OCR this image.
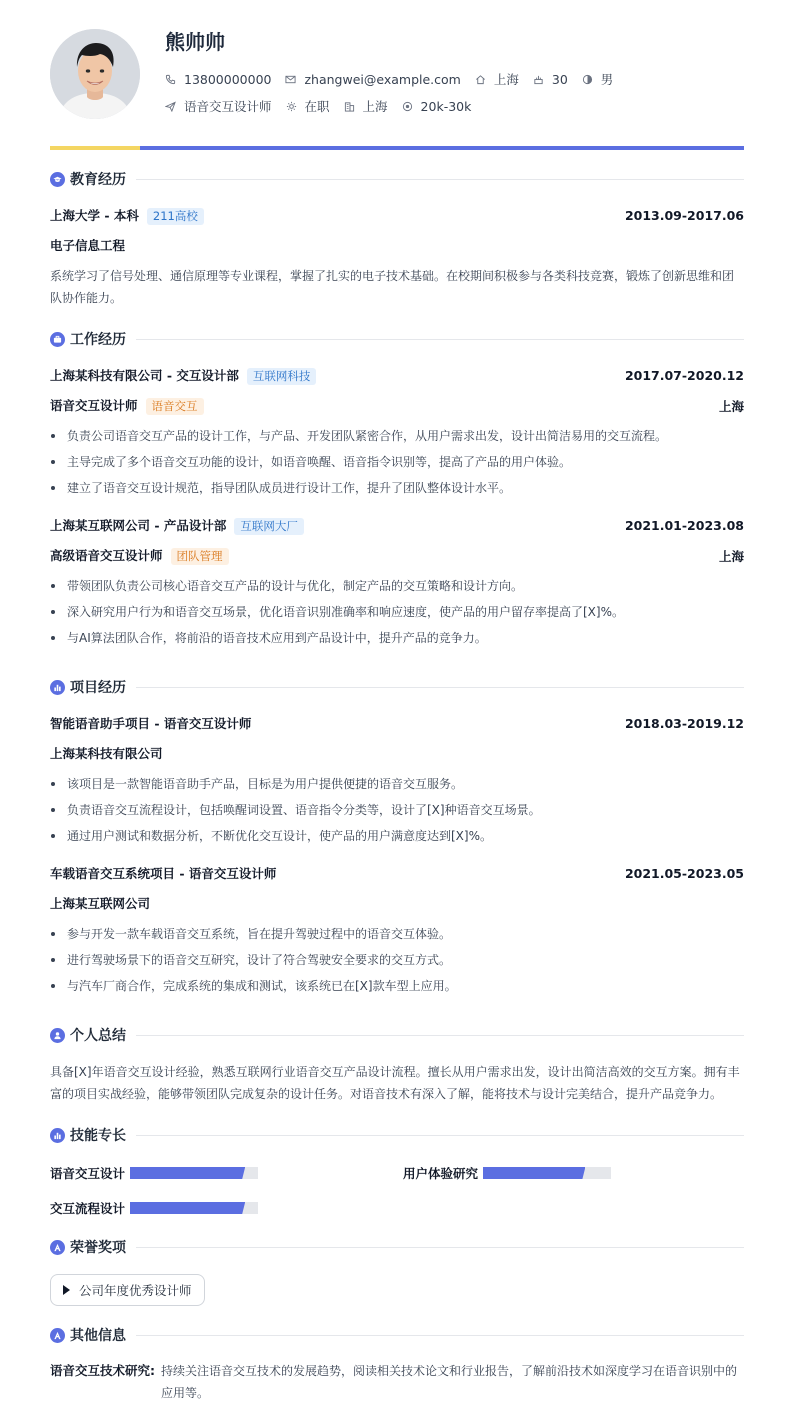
熊帅帅
13800000000	zhangwei@example.com	上海	30	男
语音交互设计师	在职	上海	20k-30k
教育经历
上海大学 - 本科 211高校	2013.09-2017.06
电子信息工程
系统学习了信号处理、通信原理等专业课程，掌握了扎实的电子技术基础。在校期间积极参与各类科技竞赛，锻炼了创新思维和团队协作能力。
工作经历
上海某科技有限公司 - 交互设计部 互联网科技	2017.07-2020.12
语音交互设计师 语音交互	上海
负责公司语音交互产品的设计工作，与产品、开发团队紧密合作，从用户需求出发，设计出简洁易用的交互流程。
主导完成了多个语音交互功能的设计，如语音唤醒、语音指令识别等，提高了产品的用户体验。
建立了语音交互设计规范，指导团队成员进行设计工作，提升了团队整体设计水平。
上海某互联网公司 - 产品设计部 互联网大厂	2021.01-2023.08
高级语音交互设计师 团队管理	上海
带领团队负责公司核心语音交互产品的设计与优化，制定产品的交互策略和设计方向。
深入研究用户行为和语音交互场景，优化语音识别准确率和响应速度，使产品的用户留存率提高了[X]%。
与AI算法团队合作，将前沿的语音技术应用到产品设计中，提升产品的竞争力。
项目经历
智能语音助手项目 - 语音交互设计师	2018.03-2019.12
上海某科技有限公司
该项目是一款智能语音助手产品，目标是为用户提供便捷的语音交互服务。
负责语音交互流程设计，包括唤醒词设置、语音指令分类等，设计了[X]种语音交互场景。
通过用户测试和数据分析，不断优化交互设计，使产品的用户满意度达到[X]%。
车载语音交互系统项目 - 语音交互设计师	2021.05-2023.05
上海某互联网公司
参与开发一款车载语音交互系统，旨在提升驾驶过程中的语音交互体验。
进行驾驶场景下的语音交互研究，设计了符合驾驶安全要求的交互方式。
与汽车厂商合作，完成系统的集成和测试，该系统已在[X]款车型上应用。
个人总结
具备[X]年语音交互设计经验，熟悉互联网行业语音交互产品设计流程。擅长从用户需求出发，设计出简洁高效的交互方案。拥有丰富的项目实战经验，能够带领团队完成复杂的设计任务。对语音技术有深入了解，能将技术与设计完美结合，提升产品竞争力。
技能专长
语音交互设计	用户体验研究
交互流程设计
荣誉奖项
公司年度优秀设计师
其他信息
语音交互技术研究: 持续关注语音交互技术的发展趋势，阅读相关技术论文和行业报告，了解前沿技术如深度学习在语音识别中的应用等。
